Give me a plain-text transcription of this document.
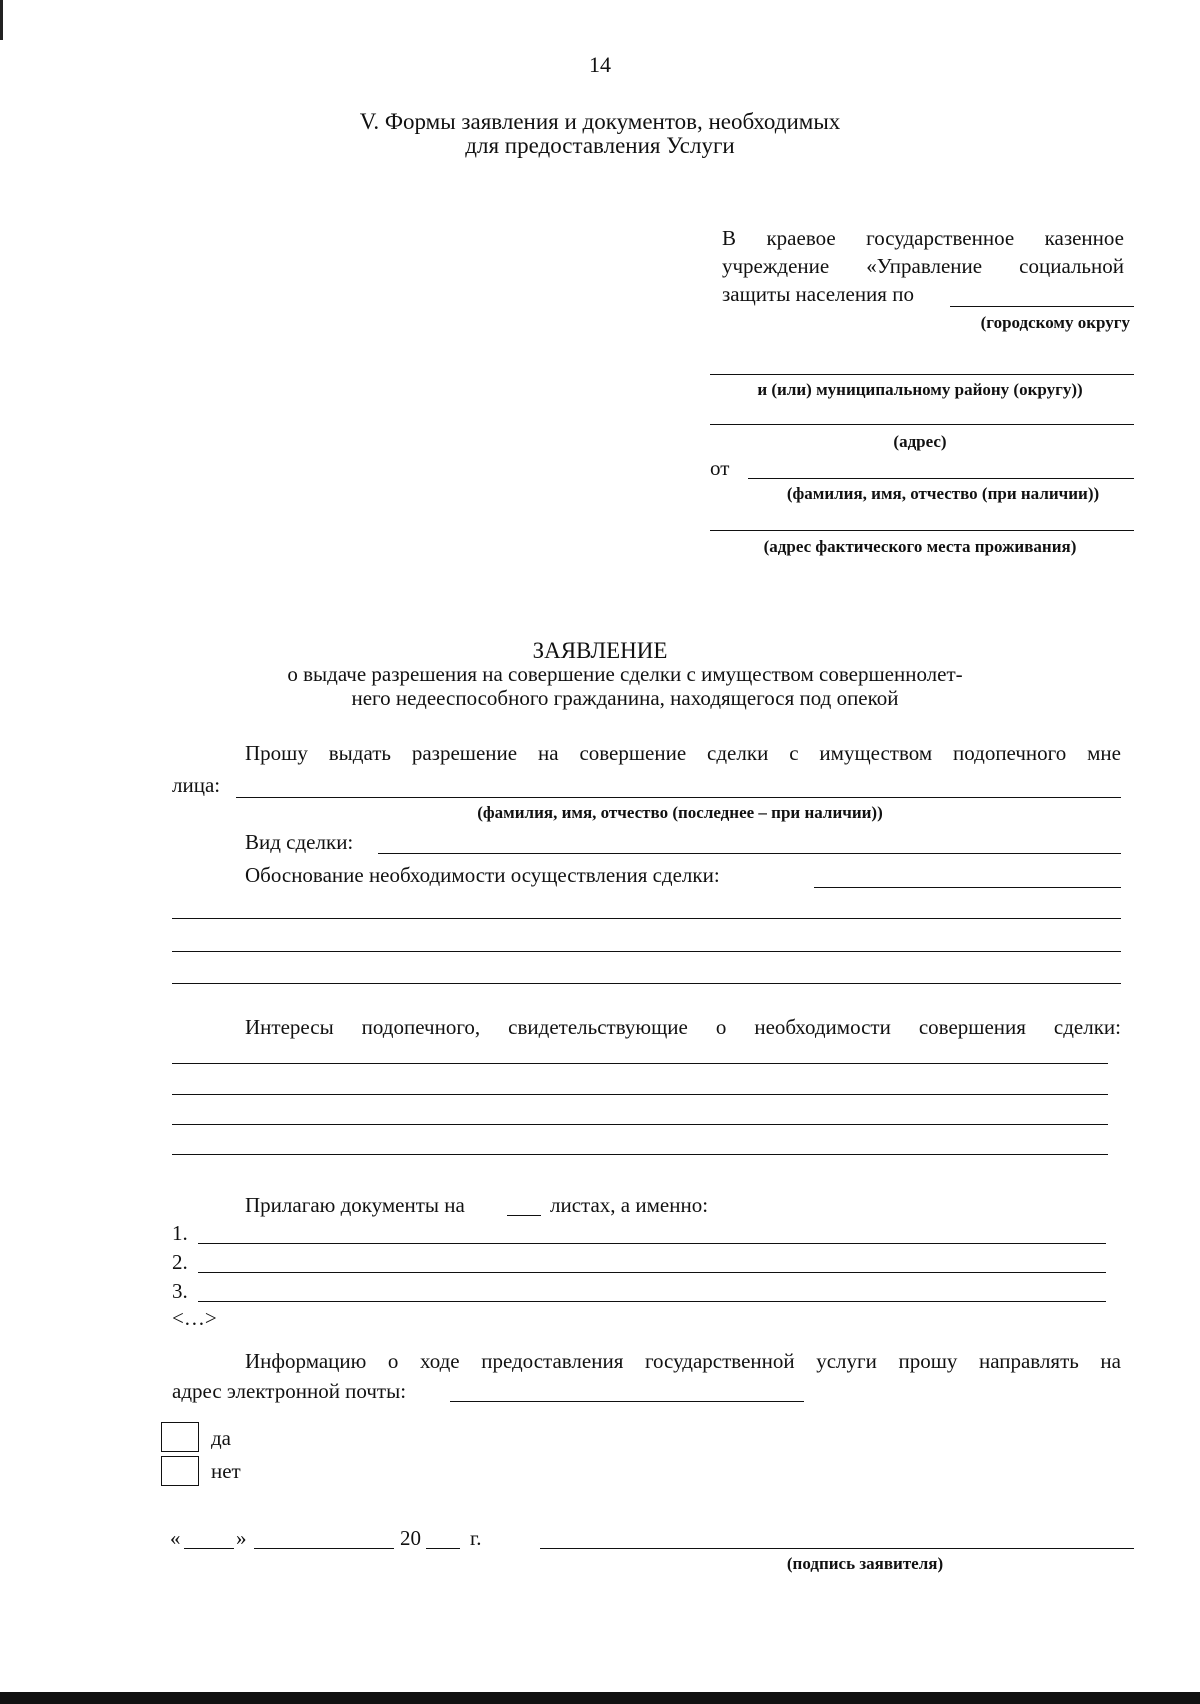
14
V. Формы заявления и документов, необходимых
для предоставления Услуги
В краевое государственное казенное
учреждение «Управление социальной
защиты населения по
(городскому округу
и (или) муниципальному району (округу))
(адрес)
от
(фамилия, имя, отчество (при наличии))
(адрес фактического места проживания)
ЗАЯВЛЕНИЕ
о выдаче разрешения на совершение сделки с имуществом совершеннолет-
него недееспособного гражданина, находящегося под опекой
Прошу выдать разрешение на совершение сделки с имуществом подопечного мне
лица:
(фамилия, имя, отчество (последнее – при наличии))
Вид сделки:
Обоснование необходимости осуществления сделки:
Интересы подопечного, свидетельствующие о необходимости совершения сделки:
Прилагаю документы на	листах, а именно:
1.
2.
3.
<…>
Информацию о ходе предоставления государственной услуги прошу направлять на
адрес электронной почты:
да
нет
«	»	20 г.
(подпись заявителя)
